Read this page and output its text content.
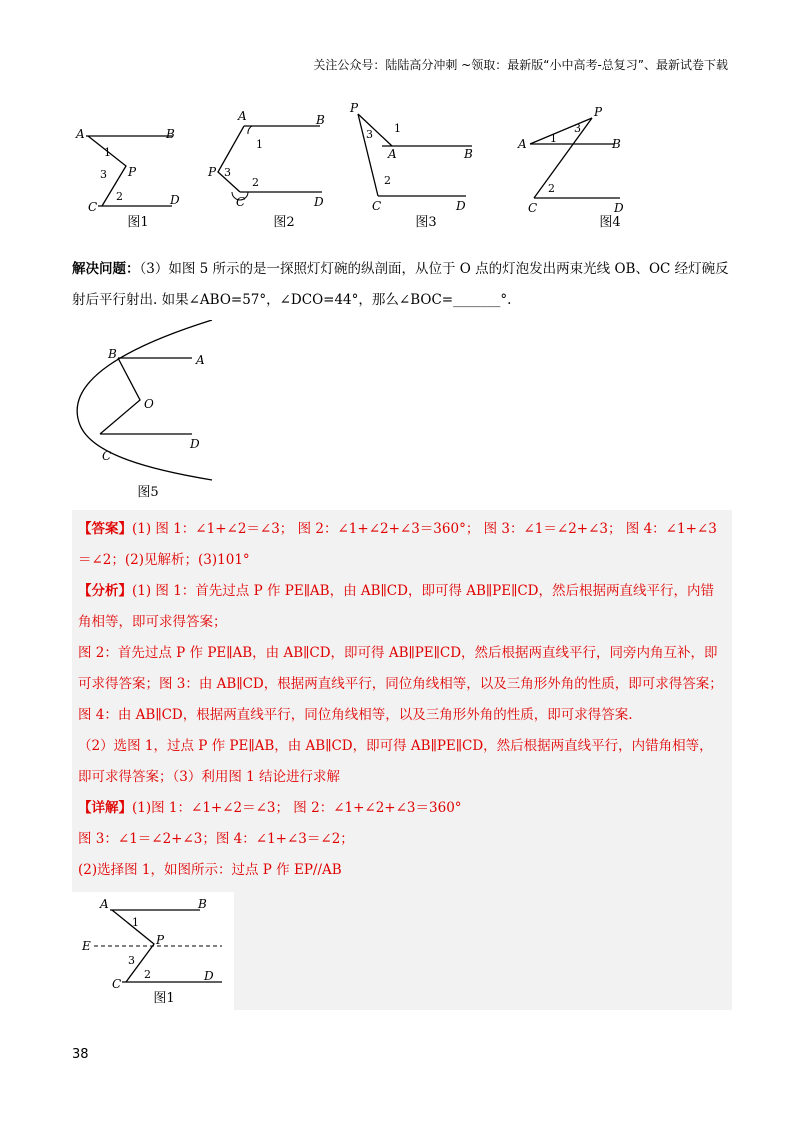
关注公众号：陆陆高分冲刺 ~领取：最新版“小中高考-总复习”、最新试卷下载
A	B
C	D
P
1
3
2
图1
A	B
P
C	D
1
3
2
图2
P
A	B
C	D
1
3
2
图3
A	B
P
C	D
1
3
2
图4
解决问题：（3）如图 5 所示的是一探照灯灯碗的纵剖面，从位于 O 点的灯泡发出两束光线 OB、OC 经灯碗反射后平行射出. 如果∠ABO=57°，∠DCO=44°，那么∠BOC=_______°.
B	A
O
D
C
图5

【答案】(1) 图 1：∠1+∠2＝∠3； 图 2：∠1+∠2+∠3＝360°； 图 3：∠1＝∠2+∠3； 图 4：∠1+∠3

＝∠2；(2)见解析；(3)101°

【分析】(1) 图 1：首先过点 P 作 PE∥AB，由 AB∥CD，即可得 AB∥PE∥CD，然后根据两直线平行，内错角相等，即可求得答案；

图 2：首先过点 P 作 PE∥AB，由 AB∥CD，即可得 AB∥PE∥CD，然后根据两直线平行，同旁内角互补，即可求得答案；图 3：由 AB∥CD，根据两直线平行，同位角线相等，以及三角形外角的性质，即可求得答案；图 4：由 AB∥CD，根据两直线平行，同位角线相等，以及三角形外角的性质，即可求得答案.

（2）选图 1，过点 P 作 PE∥AB，由 AB∥CD，即可得 AB∥PE∥CD，然后根据两直线平行，内错角相等，即可求得答案；（3）利用图 1 结论进行求解

【详解】(1)图 1：∠1+∠2＝∠3； 图 2：∠1+∠2+∠3＝360°

图 3：∠1＝∠2+∠3；图 4：∠1+∠3＝∠2；

(2)选择图 1，如图所示：过点 P 作 EP//AB

A	B
E	P
C
D
1
3
2
图1
38
